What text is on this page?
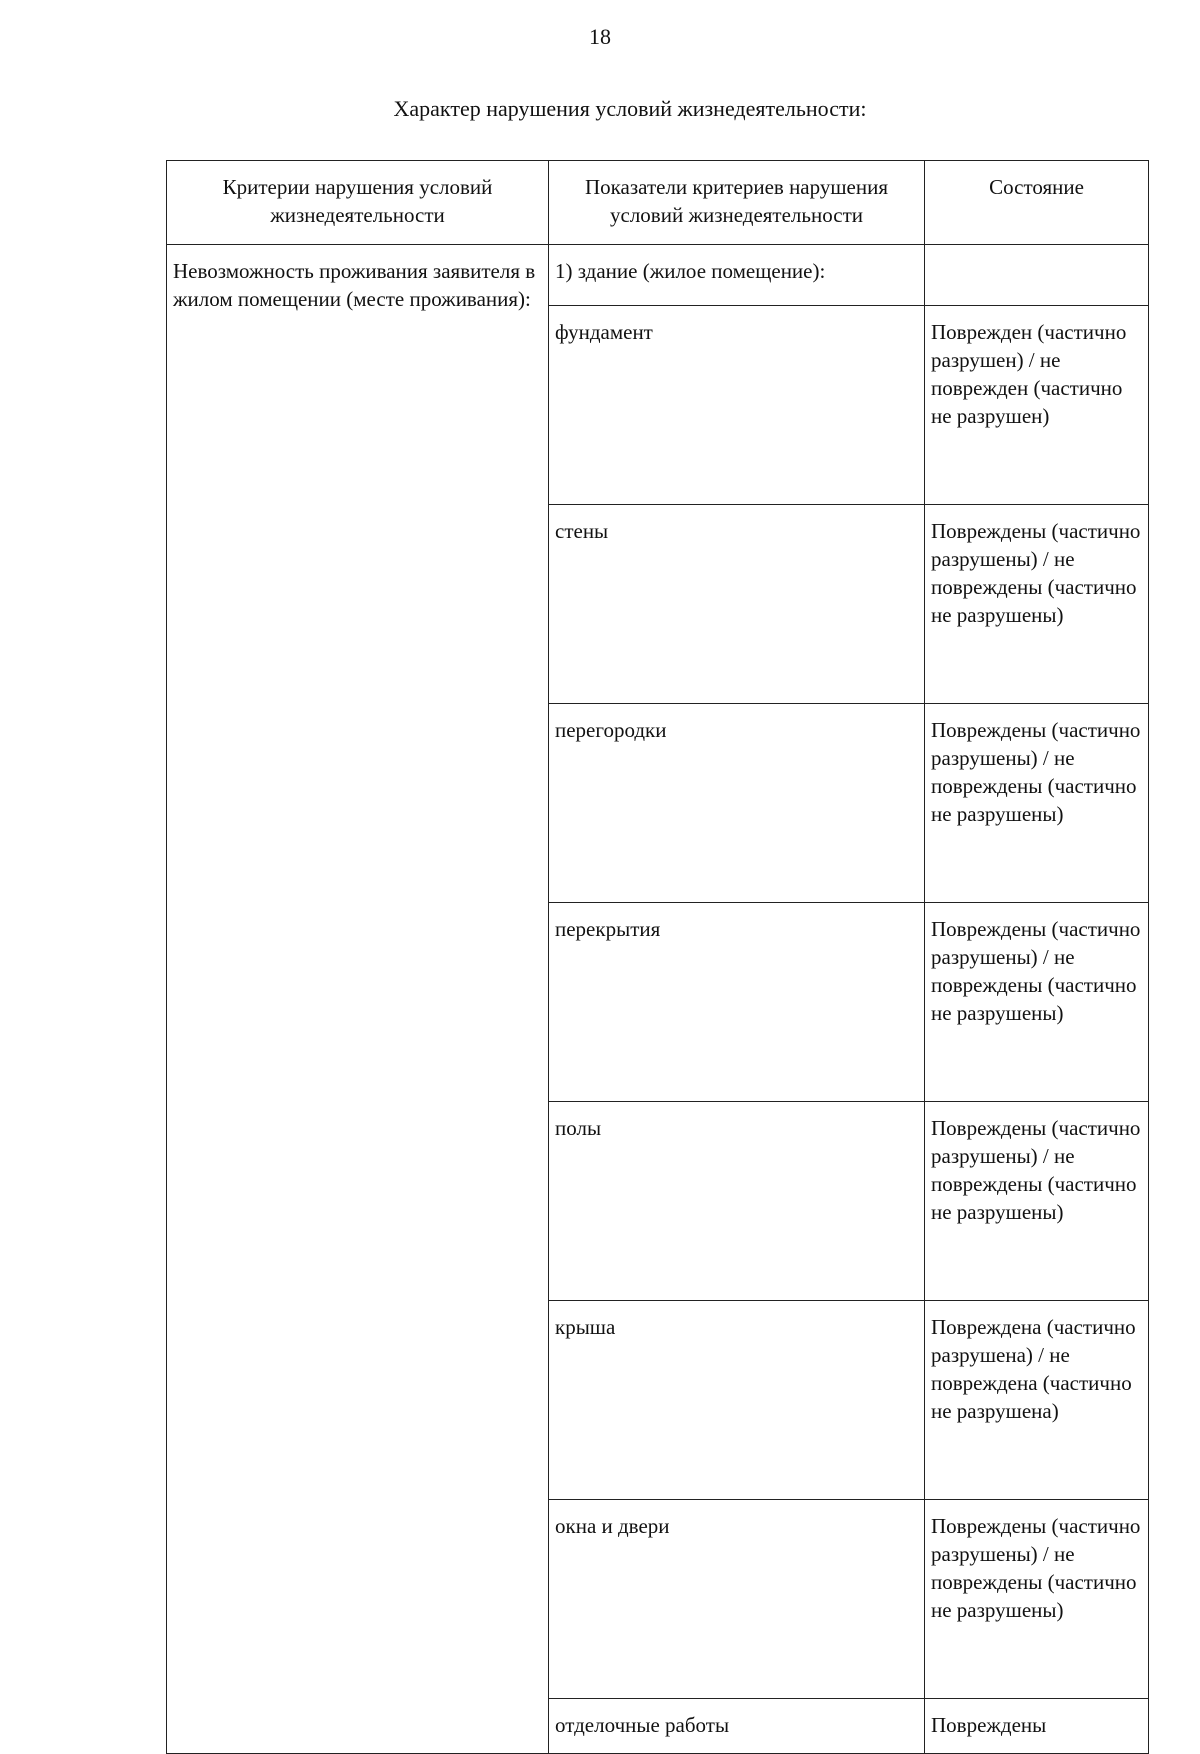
18
Характер нарушения условий жизнедеятельности:
Критерии нарушения условий жизнедеятельности	Показатели критериев нарушения условий жизнедеятельности	Состояние
Невозможность проживания заявителя в жилом помещении (месте проживания):	1) здание (жилое помещение):	
	фундамент	Поврежден (частично разрушен) / не поврежден (частично не разрушен)
	стены	Повреждены (частично разрушены) / не повреждены (частично не разрушены)
	перегородки	Повреждены (частично разрушены) / не повреждены (частично не разрушены)
	перекрытия	Повреждены (частично разрушены) / не повреждены (частично не разрушены)
	полы	Повреждены (частично разрушены) / не повреждены (частично не разрушены)
	крыша	Повреждена (частично разрушена) / не повреждена (частично не разрушена)
	окна и двери	Повреждены (частично разрушены) / не повреждены (частично не разрушены)
	отделочные работы	Повреждены
